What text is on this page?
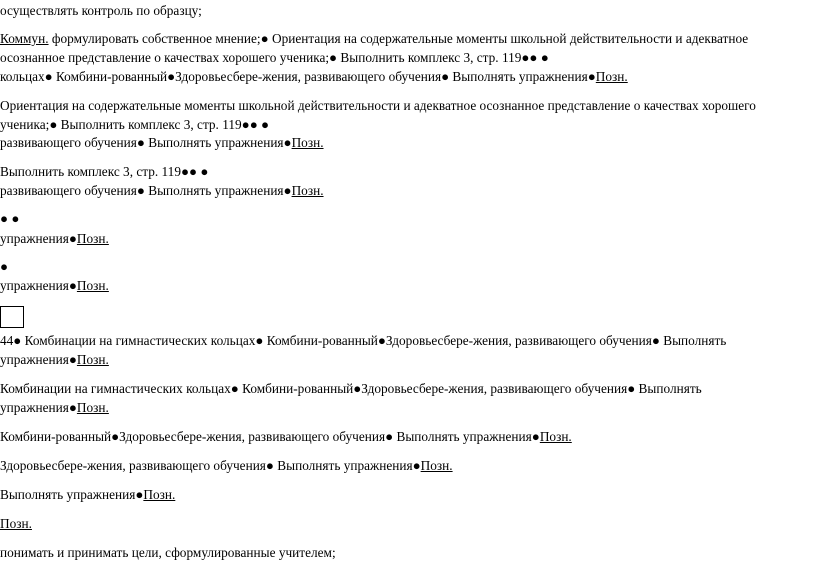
осуществлять контроль по образцу;
Коммун. формулировать собственное мнение;● Ориентация на содержательные моменты школьной действительности и адекватное
осознанное представление о качествах хорошего ученика;● Выполнить комплекс 3, стр. 119●● ●
кольцах● Комбини-рованный●Здоровьесбере-жения, развивающего обучения● Выполнять упражнения●Позн.
Ориентация на содержательные моменты школьной действительности и адекватное осознанное представление о качествах хорошего
ученика;● Выполнить комплекс 3, стр. 119●● ●
развивающего обучения● Выполнять упражнения●Позн.
Выполнить комплекс 3, стр. 119●● ●
развивающего обучения● Выполнять упражнения●Позн.
● ●
упражнения●Позн.
●
упражнения●Позн.
44● Комбинации на гимнастических кольцах● Комбини-рованный●Здоровьесбере-жения, развивающего обучения● Выполнять
упражнения●Позн.
Комбинации на гимнастических кольцах● Комбини-рованный●Здоровьесбере-жения, развивающего обучения● Выполнять
упражнения●Позн.
Комбини-рованный●Здоровьесбере-жения, развивающего обучения● Выполнять упражнения●Позн.
Здоровьесбере-жения, развивающего обучения● Выполнять упражнения●Позн.
Выполнять упражнения●Позн.
Позн.
понимать и принимать цели, сформулированные учителем;
